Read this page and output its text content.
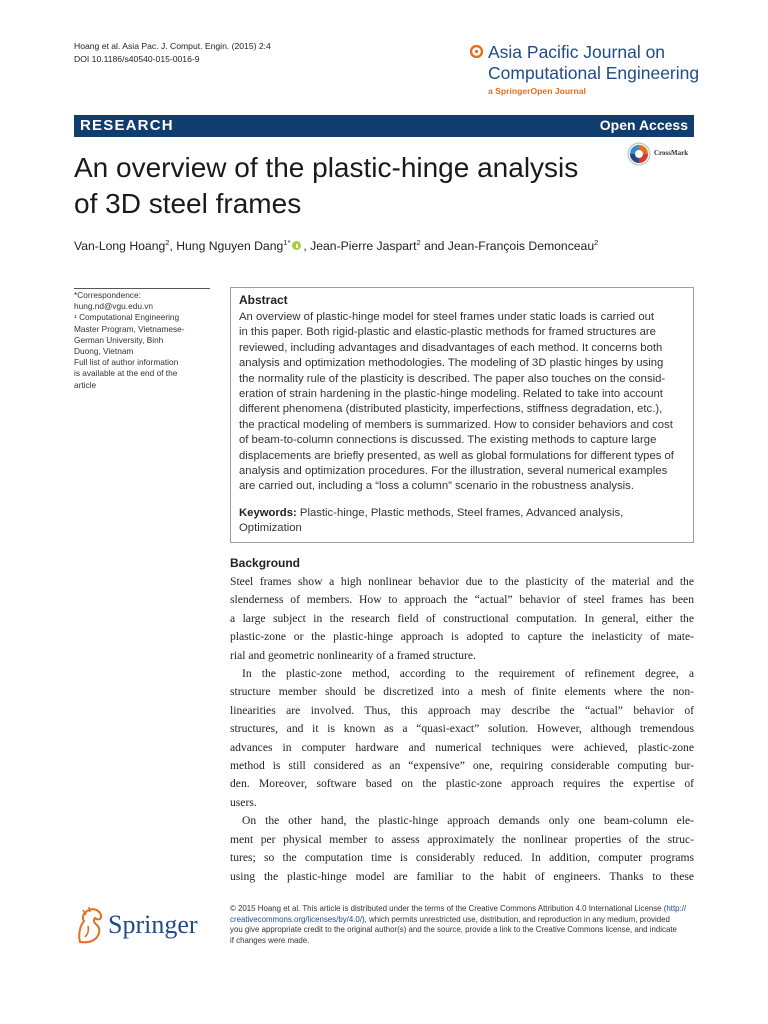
Hoang et al. Asia Pac. J. Comput. Engin. (2015) 2:4
DOI 10.1186/s40540-015-0016-9	Asia Pacific Journal on
Computational Engineering
a SpringerOpen Journal
RESEARCH	Open Access
An overview of the plastic-hinge analysis
of 3D steel frames
CrossMark
Van-Long Hoang$^2$, Hung Nguyen Dang$^{1*}$ , Jean-Pierre Jaspart$^2$ and Jean-François Demonceau$^2$
*Correspondence:
hung.nd@vgu.edu.vn
¹ Computational Engineering
Master Program, Vietnamese-
German University, Binh
Duong, Vietnam
Full list of author information
is available at the end of the
article
Abstract
An overview of plastic-hinge model for steel frames under static loads is carried out
in this paper. Both rigid-plastic and elastic-plastic methods for framed structures are
reviewed, including advantages and disadvantages of each method. It concerns both
analysis and optimization methodologies. The modeling of 3D plastic hinges by using
the normality rule of the plasticity is described. The paper also touches on the consid-
eration of strain hardening in the plastic-hinge modeling. Related to take into account
different phenomena (distributed plasticity, imperfections, stiffness degradation, etc.),
the practical modeling of members is summarized. How to consider behaviors and cost
of beam-to-column connections is discussed. The existing methods to capture large
displacements are briefly presented, as well as global formulations for different types of
analysis and optimization procedures. For the illustration, several numerical examples
are carried out, including a “loss a column” scenario in the robustness analysis.
Keywords: Plastic-hinge, Plastic methods, Steel frames, Advanced analysis,
Optimization
Background
Steel frames show a high nonlinear behavior due to the plasticity of the material and the
slenderness of members. How to approach the “actual” behavior of steel frames has been
a large subject in the research field of constructional computation. In general, either the
plastic-zone or the plastic-hinge approach is adopted to capture the inelasticity of mate-
rial and geometric nonlinearity of a framed structure.
In the plastic-zone method, according to the requirement of refinement degree, a
structure member should be discretized into a mesh of finite elements where the non-
linearities are involved. Thus, this approach may describe the “actual” behavior of
structures, and it is known as a “quasi-exact” solution. However, although tremendous
advances in computer hardware and numerical techniques were achieved, plastic-zone
method is still considered as an “expensive” one, requiring considerable computing bur-
den. Moreover, software based on the plastic-zone approach requires the expertise of
users.
On the other hand, the plastic-hinge approach demands only one beam-column ele-
ment per physical member to assess approximately the nonlinear properties of the struc-
tures; so the computation time is considerably reduced. In addition, computer programs
using the plastic-hinge model are familiar to the habit of engineers. Thanks to these
Springer
© 2015 Hoang et al. This article is distributed under the terms of the Creative Commons Attribution 4.0 International License (http://
creativecommons.org/licenses/by/4.0/), which permits unrestricted use, distribution, and reproduction in any medium, provided
you give appropriate credit to the original author(s) and the source, provide a link to the Creative Commons license, and indicate
if changes were made.
